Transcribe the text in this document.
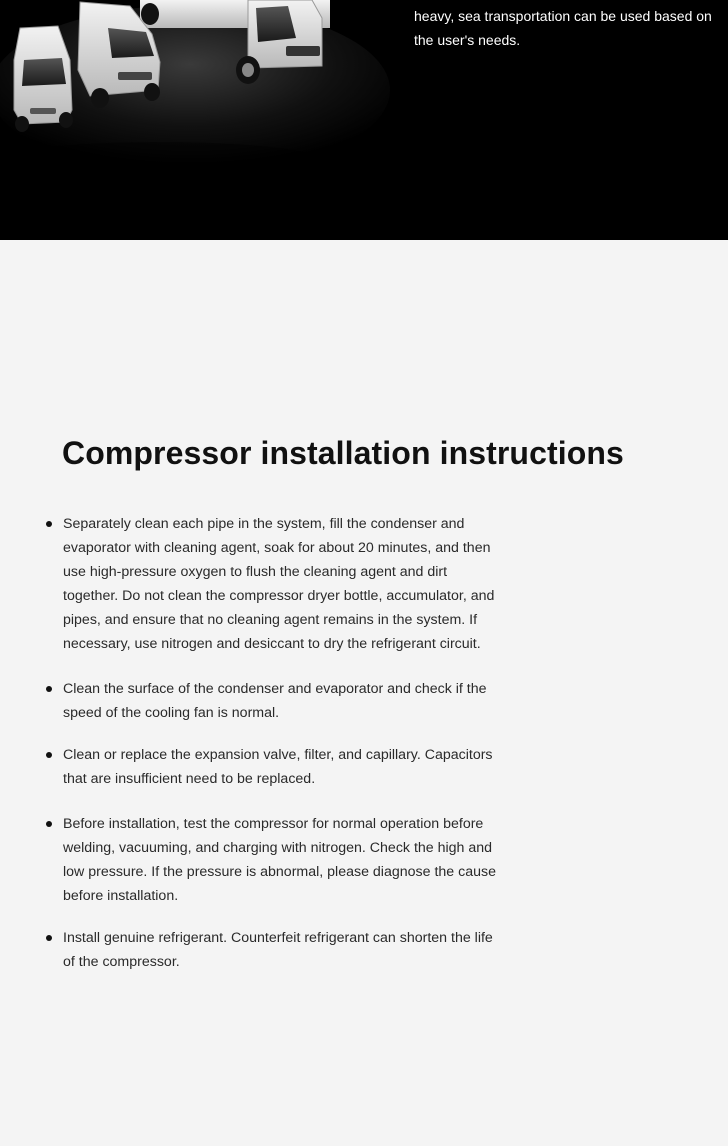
heavy, sea transportation can be used based on the user's needs.
Compressor installation instructions
Separately clean each pipe in the system, fill the condenser and evaporator with cleaning agent, soak for about 20 minutes, and then use high-pressure oxygen to flush the cleaning agent and dirt together. Do not clean the compressor dryer bottle, accumulator, and pipes, and ensure that no cleaning agent remains in the system. If necessary, use nitrogen and desiccant to dry the refrigerant circuit.
Clean the surface of the condenser and evaporator and check if the speed of the cooling fan is normal.
Clean or replace the expansion valve, filter, and capillary. Capacitors that are insufficient need to be replaced.
Before installation, test the compressor for normal operation before welding, vacuuming, and charging with nitrogen. Check the high and low pressure. If the pressure is abnormal, please diagnose the cause before installation.
Install genuine refrigerant. Counterfeit refrigerant can shorten the life of the compressor.
